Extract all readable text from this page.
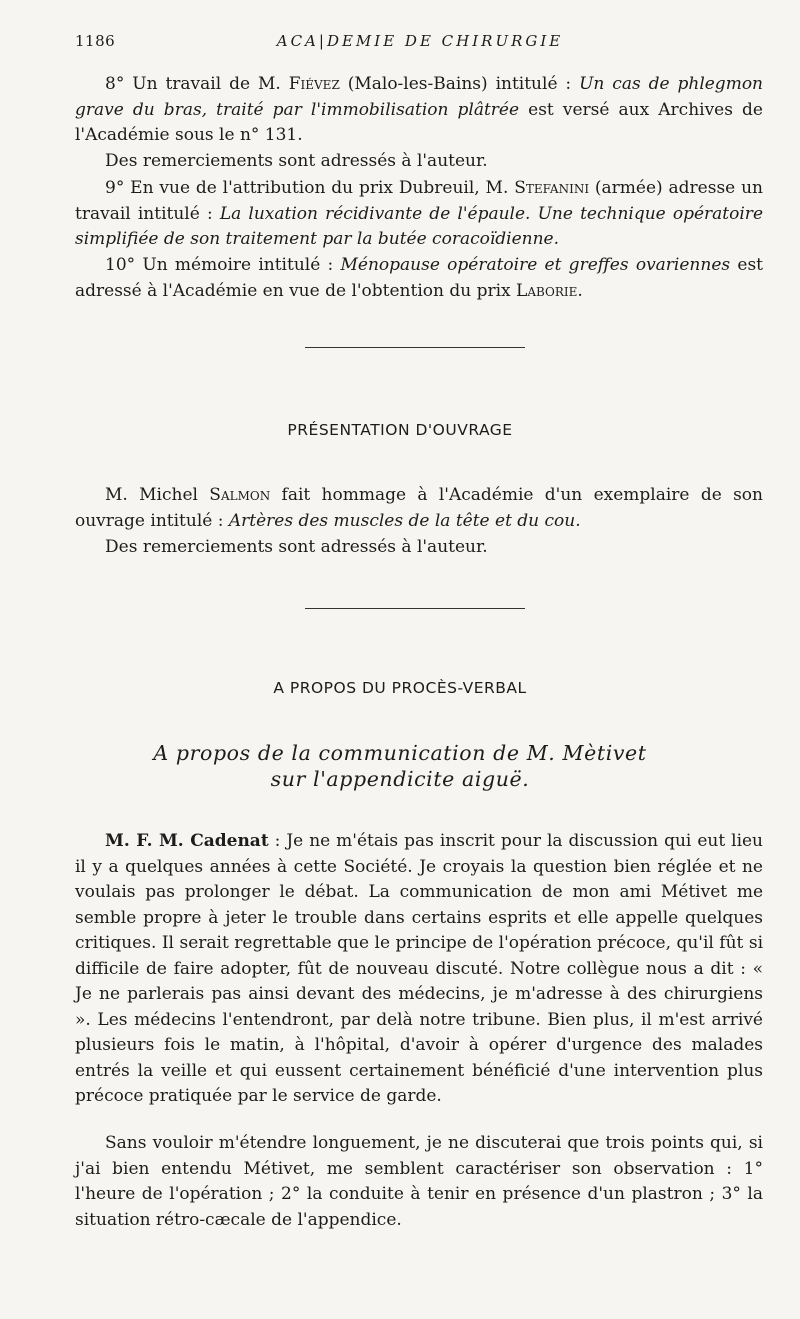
1186	ACA|DEMIE DE CHIRURGIE

8° Un travail de M. Fiévez (Malo-les-Bains) intitulé : Un cas de phlegmon grave du bras, traité par l'immobilisation plâtrée est versé aux Archives de l'Académie sous le n° 131.

Des remerciements sont adressés à l'auteur.

9° En vue de l'attribution du prix Dubreuil, M. Stefanini (armée) adresse un travail intitulé : La luxation récidivante de l'épaule. Une technique opératoire simplifiée de son traitement par la butée coracoïdienne.

10° Un mémoire intitulé : Ménopause opératoire et greffes ovariennes est adressé à l'Académie en vue de l'obtention du prix Laborie.

PRÉSENTATION D'OUVRAGE

M. Michel Salmon fait hommage à l'Académie d'un exemplaire de son ouvrage intitulé : Artères des muscles de la tête et du cou.

Des remerciements sont adressés à l'auteur.

A PROPOS DU PROCÈS-VERBAL
A propos de la communication de M. Mètivet
sur l'appendicite aiguë.

M. F. M. Cadenat : Je ne m'étais pas inscrit pour la discussion qui eut lieu il y a quelques années à cette Société. Je croyais la question bien réglée et ne voulais pas prolonger le débat. La communication de mon ami Métivet me semble propre à jeter le trouble dans certains esprits et elle appelle quelques critiques. Il serait regrettable que le principe de l'opération précoce, qu'il fût si difficile de faire adopter, fût de nouveau discuté. Notre collègue nous a dit : « Je ne parlerais pas ainsi devant des médecins, je m'adresse à des chirurgiens ». Les médecins l'entendront, par delà notre tribune. Bien plus, il m'est arrivé plusieurs fois le matin, à l'hôpital, d'avoir à opérer d'urgence des malades entrés la veille et qui eussent certainement bénéficié d'une intervention plus précoce pratiquée par le service de garde.

Sans vouloir m'étendre longuement, je ne discuterai que trois points qui, si j'ai bien entendu Métivet, me semblent caractériser son observation : 1° l'heure de l'opération ; 2° la conduite à tenir en présence d'un plastron ; 3° la situation rétro-cæcale de l'appendice.
